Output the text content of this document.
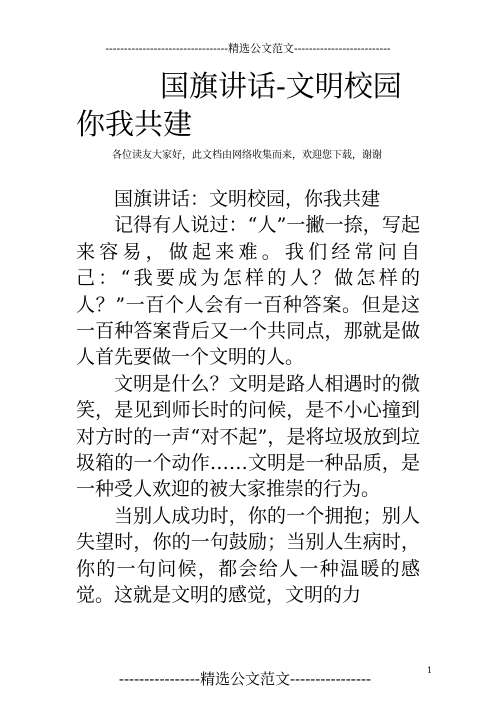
---------------------------------精选公文范文--------------------------
国旗讲话-文明校园
你我共建
各位读友大家好，此文档由网络收集而来，欢迎您下载，谢谢

国旗讲话：文明校园，你我共建

记得有人说过：“人”一撇一捺，写起来容易，做起来难。我们经常问自己：“我要成为怎样的人？做怎样的人？”一百个人会有一百种答案。但是这一百种答案背后又一个共同点，那就是做人首先要做一个文明的人。

文明是什么？文明是路人相遇时的微笑，是见到师长时的问候，是不小心撞到对方时的一声“对不起”，是将垃圾放到垃圾箱的一个动作……文明是一种品质，是一种受人欢迎的被大家推崇的行为。

当别人成功时，你的一个拥抱；别人失望时，你的一句鼓励；当别人生病时，你的一句问候，都会给人一种温暖的感觉。这就是文明的感觉，文明的力

----------------精选公文范文----------------	1
